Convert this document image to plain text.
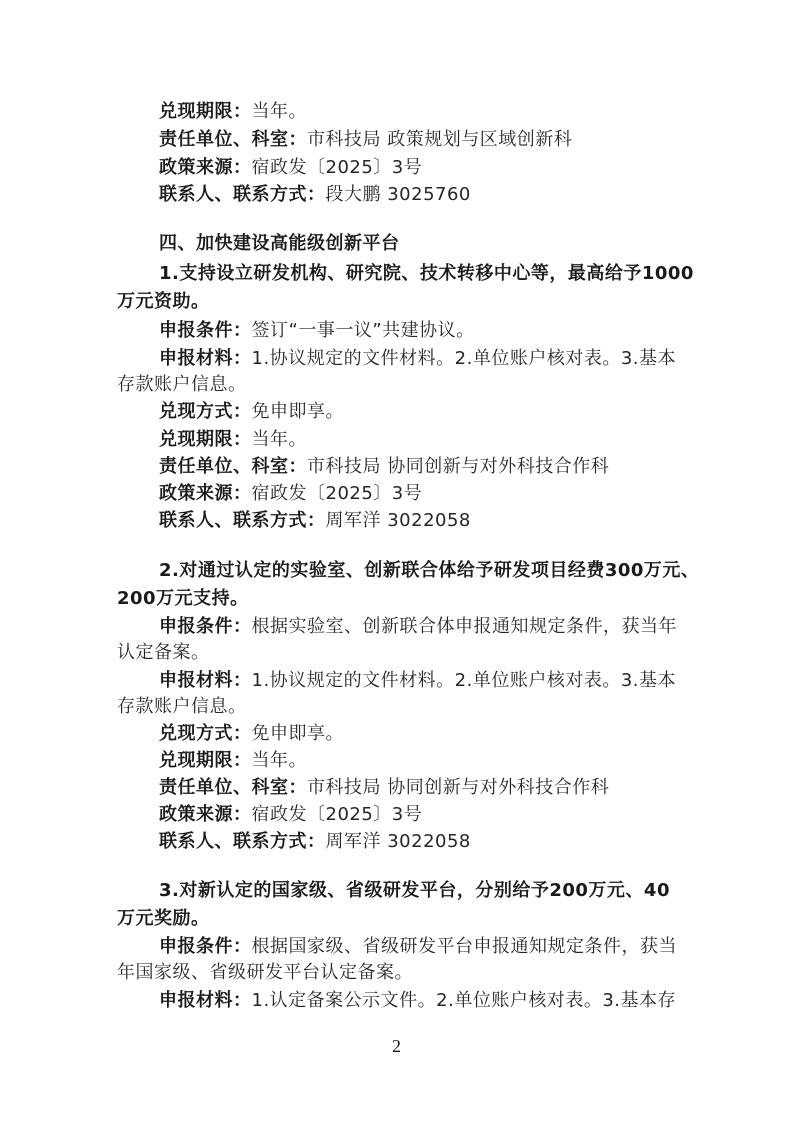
兑现期限：当年。
责任单位、科室：市科技局 政策规划与区域创新科
政策来源：宿政发〔2025〕3号
联系人、联系方式：段大鹏 3025760
四、加快建设高能级创新平台
1.支持设立研发机构、研究院、技术转移中心等，最高给予1000
万元资助。
申报条件：签订“一事一议”共建协议。
申报材料：1.协议规定的文件材料。2.单位账户核对表。3.基本
存款账户信息。
兑现方式：免申即享。
兑现期限：当年。
责任单位、科室：市科技局 协同创新与对外科技合作科
政策来源：宿政发〔2025〕3号
联系人、联系方式：周军洋 3022058
2.对通过认定的实验室、创新联合体给予研发项目经费300万元、
200万元支持。
申报条件：根据实验室、创新联合体申报通知规定条件，获当年
认定备案。
申报材料：1.协议规定的文件材料。2.单位账户核对表。3.基本
存款账户信息。
兑现方式：免申即享。
兑现期限：当年。
责任单位、科室：市科技局 协同创新与对外科技合作科
政策来源：宿政发〔2025〕3号
联系人、联系方式：周军洋 3022058
3.对新认定的国家级、省级研发平台，分别给予200万元、40
万元奖励。
申报条件：根据国家级、省级研发平台申报通知规定条件，获当
年国家级、省级研发平台认定备案。
申报材料：1.认定备案公示文件。2.单位账户核对表。3.基本存
2
